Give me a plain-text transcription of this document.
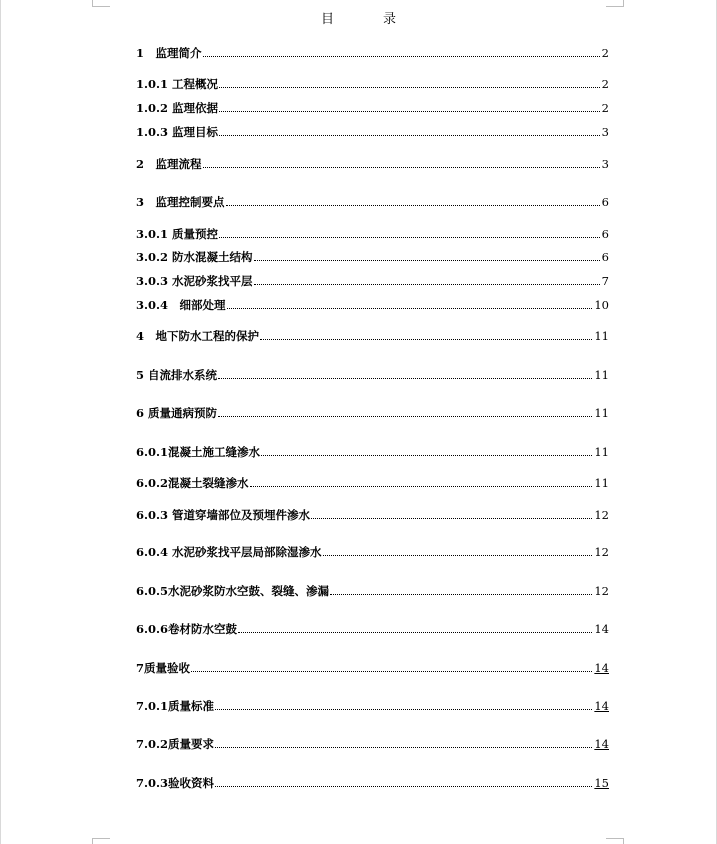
目　录
1　监理简介	2
1.0.1 工程概况	2
1.0.2 监理依据	2
1.0.3 监理目标	3
2　监理流程	3
3　监理控制要点	6
3.0.1 质量预控	6
3.0.2 防水混凝土结构	6
3.0.3 水泥砂浆找平层	7
3.0.4　细部处理	10
4　地下防水工程的保护	11
5 自流排水系统	11
6 质量通病预防	11
6.0.1混凝土施工缝渗水	11
6.0.2混凝土裂缝渗水	11
6.0.3 管道穿墙部位及预埋件渗水	12
6.0.4 水泥砂浆找平层局部除湿渗水	12
6.0.5水泥砂浆防水空鼓、裂缝、渗漏	12
6.0.6卷材防水空鼓	14
7质量验收	14
7.0.1质量标准	14
7.0.2质量要求	14
7.0.3验收资料	15
